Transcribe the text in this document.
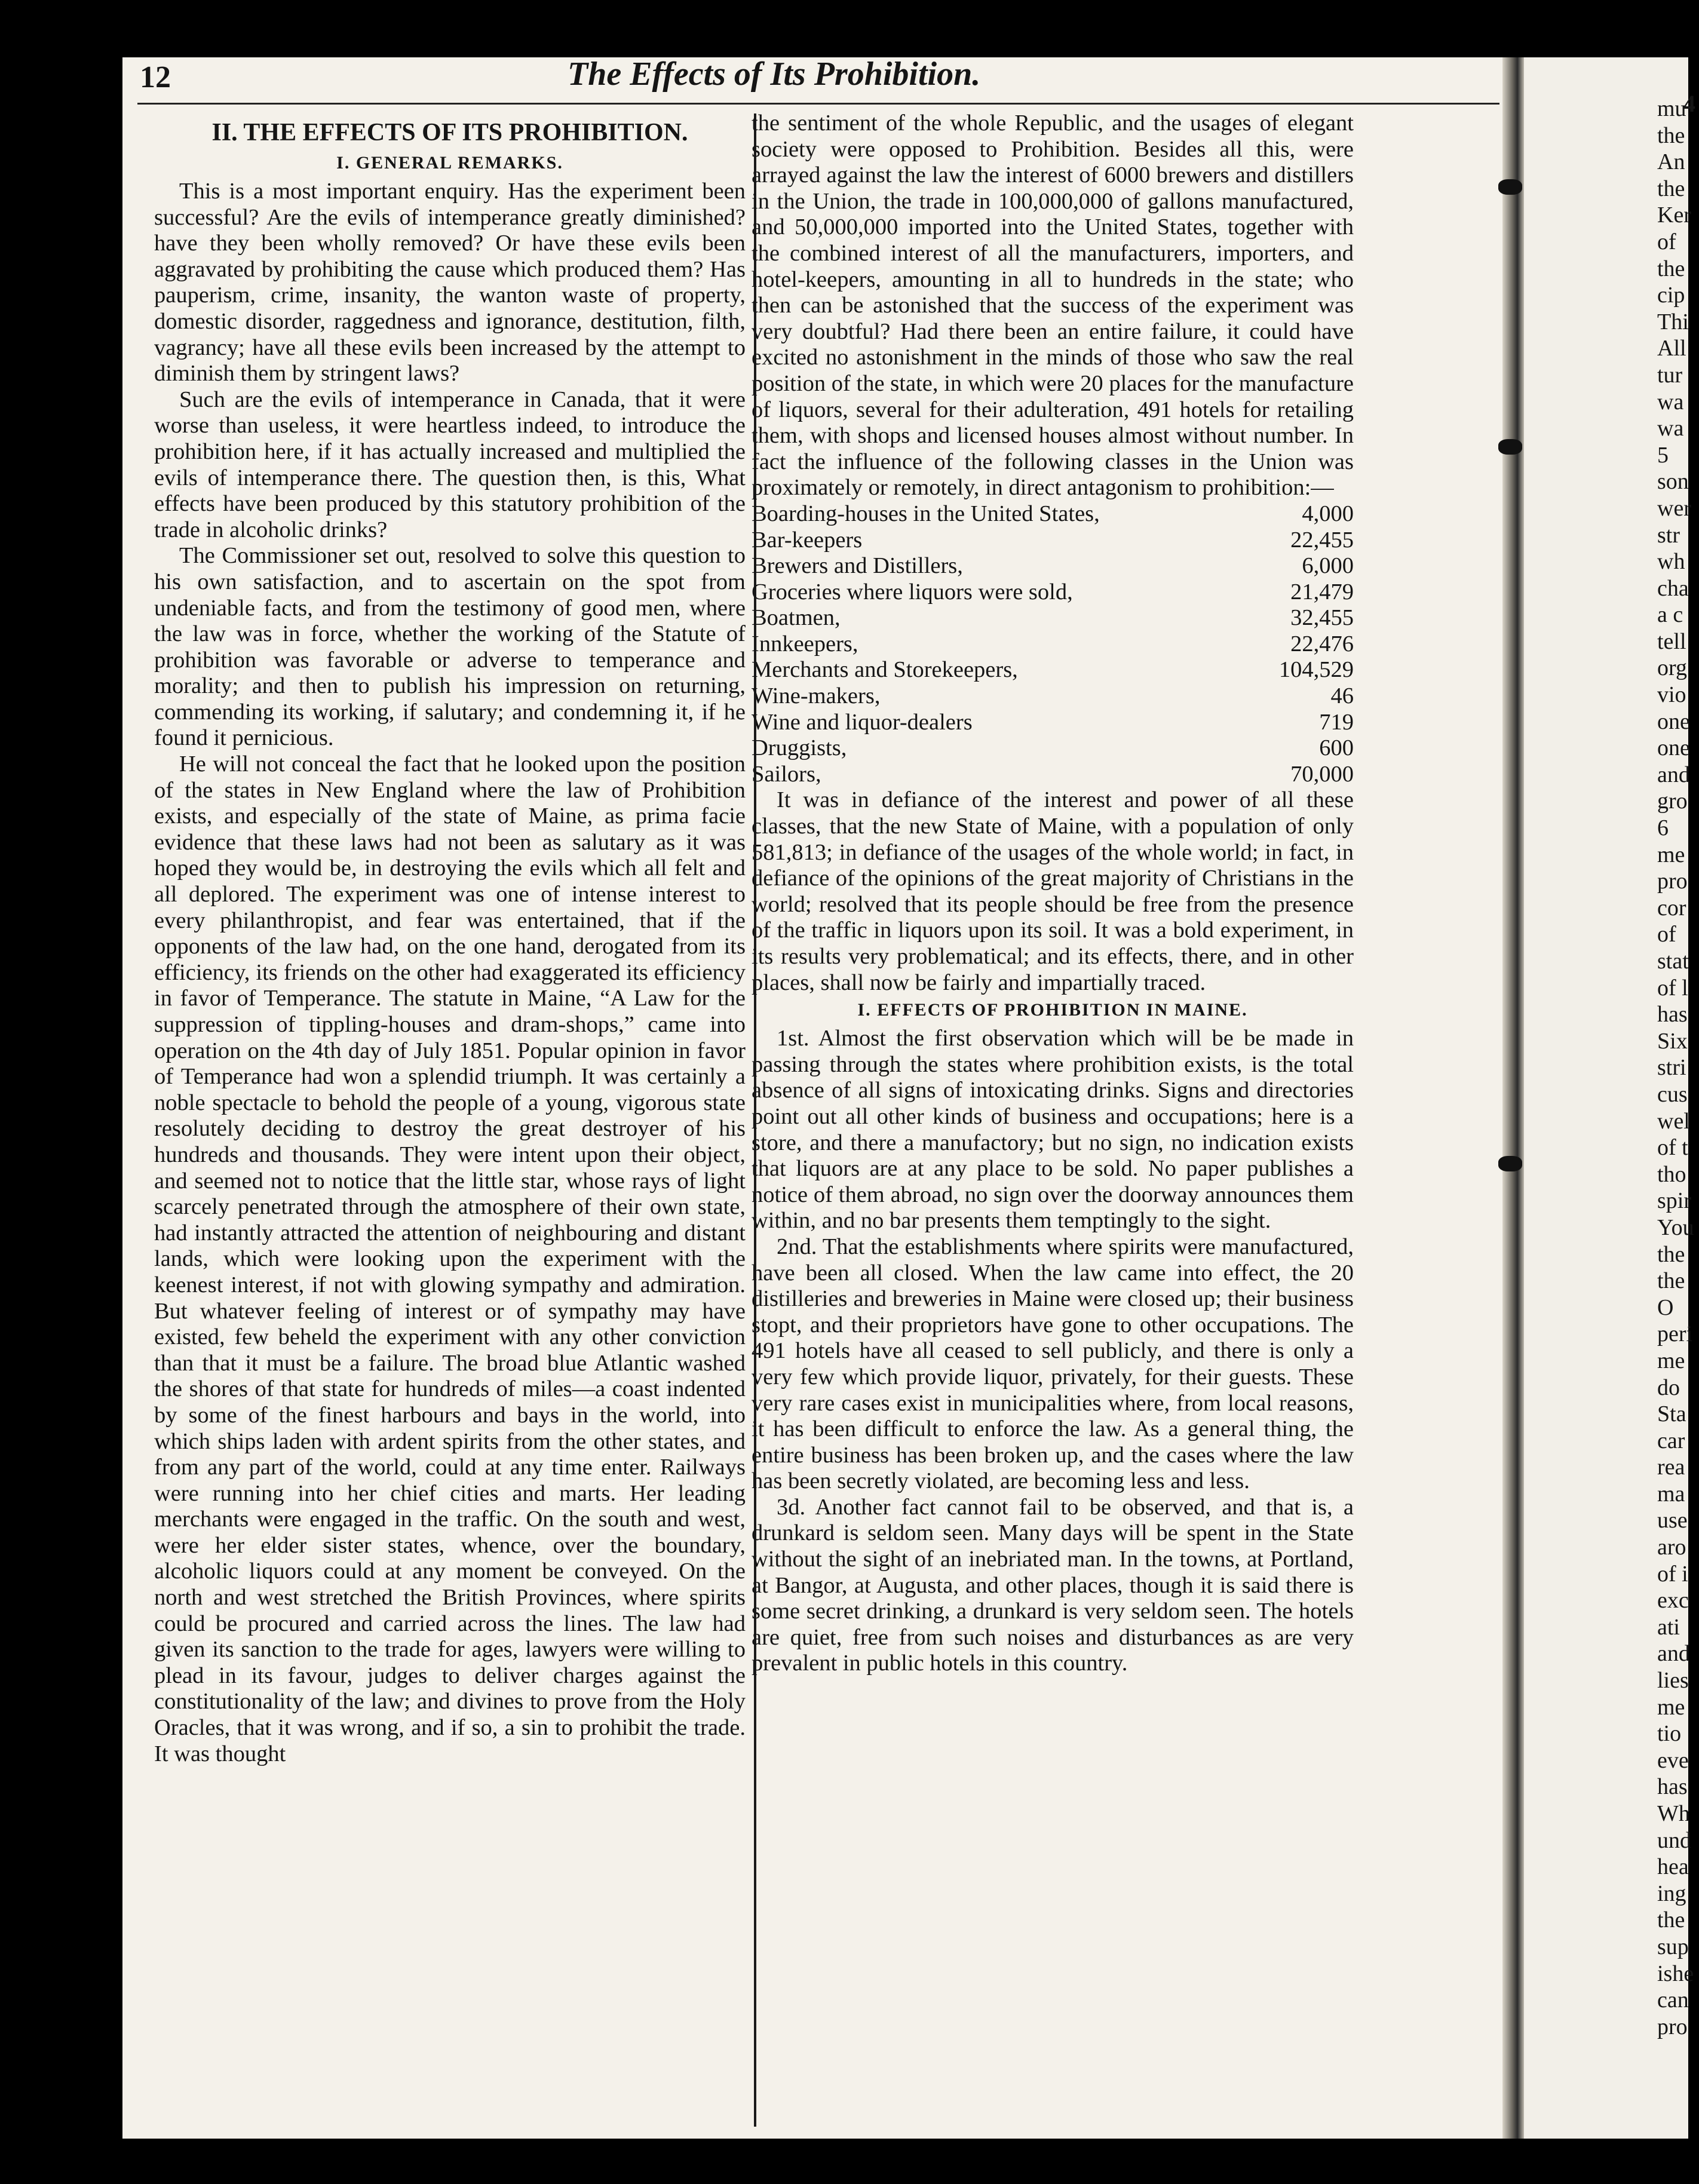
12	The Effects of Its Prohibition.
II. THE EFFECTS OF ITS PROHIBITION.
I. GENERAL REMARKS.

This is a most important enquiry. Has the experiment been successful? Are the evils of intemperance greatly diminished? have they been wholly removed? Or have these evils been aggravated by prohibiting the cause which produced them? Has pauperism, crime, insanity, the wanton waste of property, domestic disorder, raggedness and ignorance, destitution, filth, vagrancy; have all these evils been increased by the attempt to diminish them by stringent laws?

Such are the evils of intemperance in Canada, that it were worse than useless, it were heartless indeed, to introduce the prohibition here, if it has actually increased and multiplied the evils of intemperance there. The question then, is this, What effects have been produced by this statutory prohibition of the trade in alcoholic drinks?

The Commissioner set out, resolved to solve this question to his own satisfaction, and to ascertain on the spot from undeniable facts, and from the testimony of good men, where the law was in force, whether the working of the Statute of prohibition was favorable or adverse to temperance and morality; and then to publish his impression on returning, commending its working, if salutary; and condemning it, if he found it pernicious.

He will not conceal the fact that he looked upon the position of the states in New England where the law of Prohibition exists, and especially of the state of Maine, as prima facie evidence that these laws had not been as salutary as it was hoped they would be, in destroying the evils which all felt and all deplored. The experiment was one of intense interest to every philanthropist, and fear was entertained, that if the opponents of the law had, on the one hand, derogated from its efficiency, its friends on the other had exaggerated its efficiency in favor of Temperance. The statute in Maine, “A Law for the suppression of tippling-houses and dram-shops,” came into operation on the 4th day of July 1851. Popular opinion in favor of Temperance had won a splendid triumph. It was certainly a noble spectacle to behold the people of a young, vigorous state resolutely deciding to destroy the great destroyer of his hundreds and thousands. They were intent upon their object, and seemed not to notice that the little star, whose rays of light scarcely penetrated through the atmosphere of their own state, had instantly attracted the attention of neighbouring and distant lands, which were looking upon the experiment with the keenest interest, if not with glowing sympathy and admiration. But whatever feeling of interest or of sympathy may have existed, few beheld the experiment with any other conviction than that it must be a failure. The broad blue Atlantic washed the shores of that state for hundreds of miles—a coast indented by some of the finest harbours and bays in the world, into which ships laden with ardent spirits from the other states, and from any part of the world, could at any time enter. Railways were running into her chief cities and marts. Her leading merchants were engaged in the traffic. On the south and west, were her elder sister states, whence, over the boundary, alcoholic liquors could at any moment be conveyed. On the north and west stretched the British Provinces, where spirits could be procured and carried across the lines. The law had given its sanction to the trade for ages, lawyers were willing to plead in its favour, judges to deliver charges against the constitutionality of the law; and divines to prove from the Holy Oracles, that it was wrong, and if so, a sin to prohibit the trade. It was thought

the sentiment of the whole Republic, and the usages of elegant society were opposed to Prohibition. Besides all this, were arrayed against the law the interest of 6000 brewers and distillers in the Union, the trade in 100,000,000 of gallons manufactured, and 50,000,000 imported into the United States, together with the combined interest of all the manufacturers, importers, and hotel-keepers, amounting in all to hundreds in the state; who then can be astonished that the success of the experiment was very doubtful? Had there been an entire failure, it could have excited no astonishment in the minds of those who saw the real position of the state, in which were 20 places for the manufacture of liquors, several for their adulteration, 491 hotels for retailing them, with shops and licensed houses almost without number. In fact the influence of the following classes in the Union was proximately or remotely, in direct antagonism to prohibition:—

Boarding-houses in the United States,	4,000
Bar-keepers	22,455
Brewers and Distillers,	6,000
Groceries where liquors were sold,	21,479
Boatmen,	32,455
Innkeepers,	22,476
Merchants and Storekeepers,	104,529
Wine-makers,	46
Wine and liquor-dealers	719
Druggists,	600
Sailors,	70,000

It was in defiance of the interest and power of all these classes, that the new State of Maine, with a population of only 581,813; in defiance of the usages of the whole world; in fact, in defiance of the opinions of the great majority of Christians in the world; resolved that its people should be free from the presence of the traffic in liquors upon its soil. It was a bold experiment, in its results very problematical; and its effects, there, and in other places, shall now be fairly and impartially traced.

I. EFFECTS OF PROHIBITION IN MAINE.

1st. Almost the first observation which will be be made in passing through the states where prohibition exists, is the total absence of all signs of intoxicating drinks. Signs and directories point out all other kinds of business and occupations; here is a store, and there a manufactory; but no sign, no indication exists that liquors are at any place to be sold. No paper publishes a notice of them abroad, no sign over the doorway announces them within, and no bar presents them temptingly to the sight.

2nd. That the establishments where spirits were manufactured, have been all closed. When the law came into effect, the 20 distilleries and breweries in Maine were closed up; their business stopt, and their proprietors have gone to other occupations. The 491 hotels have all ceased to sell publicly, and there is only a very few which provide liquor, privately, for their guests. These very rare cases exist in municipalities where, from local reasons, it has been difficult to enforce the law. As a general thing, the entire business has been broken up, and the cases where the law has been secretly violated, are becoming less and less.

3d. Another fact cannot fail to be observed, and that is, a drunkard is seldom seen. Many days will be spent in the State without the sight of an inebriated man. In the towns, at Portland, at Bangor, at Augusta, and other places, though it is said there is some secret drinking, a drunkard is very seldom seen. The hotels are quiet, free from such noises and disturbances as are very prevalent in public hotels in this country.

4
mu
the
An
the
Ker
of
the
cip
Thi
All
tur
wa
wa
5
son
wer
str
wh
cha
a c
tell
org
vio
one
one
and
gro
6
me
pro
cor
of
stat
of l
has
Six
stri
cus
wel
of t
tho
spir
You
the
the
O
peri
me
do
Sta
car
rea
ma
use
aro
of i
exc
ati
and
lies
me
tio
eve
has
Wh
und
hea
ing
the
sup
ishe
can
pro
